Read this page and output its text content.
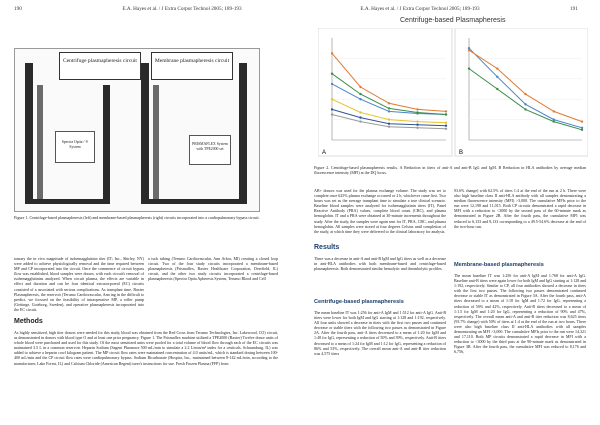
190	E.A. Hayes et al. / J Extra Corpor Technol 2005; 189-193
Centrifuge plasmapheresis circuit	Membrane plasmapheresis circuit
Spectra Optia / ® System
PRISMAFLEX System with TPE2000 set
Figure 1. Centrifuge-based plasmapheresis (left) and membrane-based plasmapheresis (right) circuits incorporated into a cardiopulmonary bypass circuit.
tomary the in vivo magnitude of isohemagglutinin titer (IT; Inc., Shirley, NY) were added to achieve physiologically removal and the time required between MP and CP incorporated into the circuit. Once the commence of circuit bypass flow was established, blood samples were drawn, with each circuit's removal of isohemagglutinins analyzed. When circuit plasma, the effects are variable in effect and duration and can be four identical extracorporeal (EC) circuits consisted of a associated with serious complications. As transplant time, Baxter Plasmapheresis, the reservoir (Terumo Cardiovascular, Ann ing in the difficult to predict, we focused on the feasibility of intraoperative MP, a roller pump (Gettinge, Goteborg, Sweden), and operative plasmapheresis incorporated into the EC circuit.
a tuck tubing (Terumo Cardiovascular, Ann Arbor, MI) creating a closed loop circuit. Two of the four study circuits incorporated a membrane-based plasmapheresis (Prismaflex, Baxter Healthcare Corporation, Deerfield, IL) circuit, and the other two study circuits incorporated a centrifuge-based plasmapheresis (Spectra Optia Apheresis System, Terumo Blood and Cell
Methods
As highly sensitized, high titer donors were needed for this study, blood was obtained from the Red Cross from Terumo Technologies, Inc. Lakewood, CO) circuit, as demonstrated in donors with blood type O and at least one prior pregnancy. Figure 1. The Prismaflex machine utilized a TPE2000 (Baxter) Twelve donor units of whole blood were purchased and used for this study. Of the most sensitized units were pooled for a total volume of blood flow through each of the EC circuits was maintained 3.5 L in a common reservoir. Heparin Sodium (Sagent Pharmace 500 mL/min to simulate a 2.2 L/min/m² index for a ceuticals, Schaumburg, IL) was added to achieve a heparin cowl kilogram patient. The MP circuit flow rates were maintained concentration of 4.0 units/mL, which is standard dosing between 100-400 mL/min and the CP circuit flow rates were cardiopulmonary bypass. Sodium Bicarbonate (Hospira, Inc., maintained between 8-142 mL/min, according to the manufacturer, Lake Forest, IL) and Calcium Chloride (American Regent) turer's instructions for use. Fresh Frozen Plasma (FFP) from
E.A. Hayes et al. / J Extra Corpor Technol 2005; 189-193	191
Centrifuge-based Plasmapheresis
A	B
Figure 2. Centrifuge-based plasmapheresis results. A Reduction in titers of anti-A and anti-B IgG and IgM. B Reduction in HLA antibodies by average median fluorescence intensity (MFI) at the DQ locus.
AB+ donors was used for the plasma exchange volume. The study was set to complete once 625% plasma exchange occurred or 2 h, whichever came first. Two hours was set as the average transplant time to simulate a true clinical scenario. Baseline blood samples were analyzed for isohemagglutinin titers (IT), Panel Reactive Antibody (PRA) values, complete blood count (CBC), and plasma hemoglobin. IT and a PRA were obtained at 30-minute increments throughout the study. After the study, the samples were again sent for IT, PRA, CBC, and plasma hemoglobin. All samples were stored at four degrees Celsius until completion of the study, at which time they were delivered to the clinical laboratory for analysis.
93.6% change) with 62.5% of titers 1:4 at the end of the run at 2 h. There were also high baseline class II anti-HLA antibody with all samples demonstrating a median fluorescence intensity (MFI) >3,000. The cumulative MFIs prior to the run were 12,198 and 11,015. Both CP circuits demonstrated a rapid decrease in MFI with a reduction to <3000 by the second pass of the 60-minute mark as demonstrated in Figure 2B. After the fourth pass, the cumulative MFI was reduced to 6,133 and 8,133 corresponding to a 49.5-54.6% decrease at the end of the two-hour run.
Results
There was a decrease in anti-A and anti-B IgM and IgG titers as well as a decrease in anti-HLA antibodies with both membrane-based and centrifuge-based plasmapheresis. Both demonstrated similar hemolytic and thrombolytic profiles.
Centrifuge-based plasmapheresis
The mean baseline IT was 1:256 for anti-A IgM and 1:512 for anti-A IgG. Anti-B titers were lower for both IgM and IgG starting at 1:128 and 1:192, respectively. All four units showed a decrease in titers with the first two passes and continued decrease or stable titers with the following two passes as demonstrated in Figure 2A. After the fourth pass, anti-A titers decreased to a mean of 1:20 for IgM and 1:48 for IgG, representing a reduction of 50% and 39%, respectively. Anti-B titers decreased to a mean of 1:24 for IgM and 1:12 for IgG, representing a reduction of 86% and 53%, respectively. The overall mean anti-A and anti-B titer reduction was 4,575 titers
Membrane-based plasmapheresis
The mean baseline IT was 1:256 for anti-A IgM and 1:768 for anti-A IgG. Baseline anti-B titers were again lower for both IgM and IgG starting at 1:128 and 1:192, respectively. Similar to CP, all four antibodies showed a decrease in titers with the first two passes. The following two passes demonstrated continued decrease or stable IT as demonstrated in Figure 3A. After the fourth pass, anti-A titers decreased to a mean of 1:18 for IgM and 1:72 for IgG, representing a reduction of 50% and 42%, respectively. Anti-B titers decreased to a mean of 1:1.5 for IgM and 1:20 for IgG, representing a reduction of 90% and 47%, respectively. The overall mean anti-A and anti-B titer reduction was 8,625 titers (93.7% change) with 50% of titers at 1:4 at the end of the run at two hours. There were also high baseline class II anti-HLA antibodies with all samples demonstrating an MFI >3,000. The cumulative MFIs prior to the run were 14,321 and 17,110. Both MP circuits demonstrated a rapid decrease in MFI with a reduction to <3000 by the third pass at the 90-minute mark as demonstrated in Figure 3B. After the fourth pass, the cumulative MFI was reduced to 8,176 and 6,756,
